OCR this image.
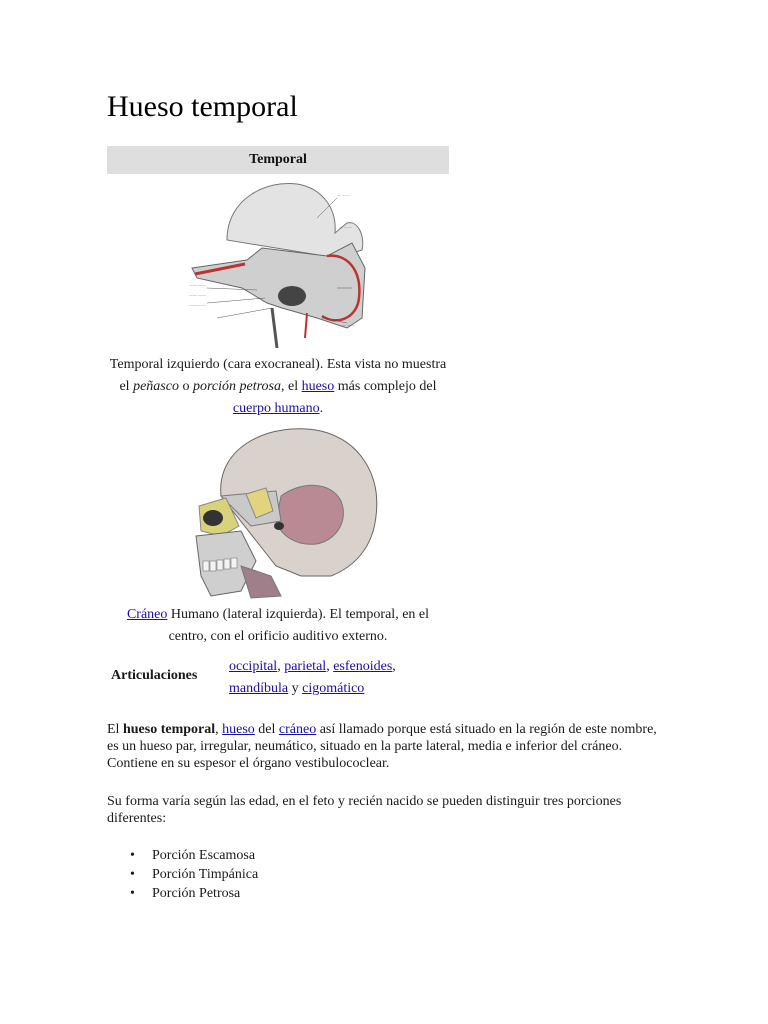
Hueso temporal
Temporal
—— ——
—— ——
—— ——
— ——
— ——
— ——
Temporal izquierdo (cara exocraneal). Esta vista no muestra el peñasco o porción petrosa, el hueso más complejo del cuerpo humano.
Cráneo Humano (lateral izquierda). El temporal, en el centro, con el orificio auditivo externo.
Articulaciones
occipital, parietal, esfenoides,
mandíbula y cigomático

El hueso temporal, hueso del cráneo así llamado porque está situado en la región de este nombre, es un hueso par, irregular, neumático, situado en la parte lateral, media e inferior del cráneo. Contiene en su espesor el órgano vestibulococlear.

Su forma varía según las edad, en el feto y recién nacido se pueden distinguir tres porciones diferentes:

• Porción Escamosa
• Porción Timpánica
• Porción Petrosa
